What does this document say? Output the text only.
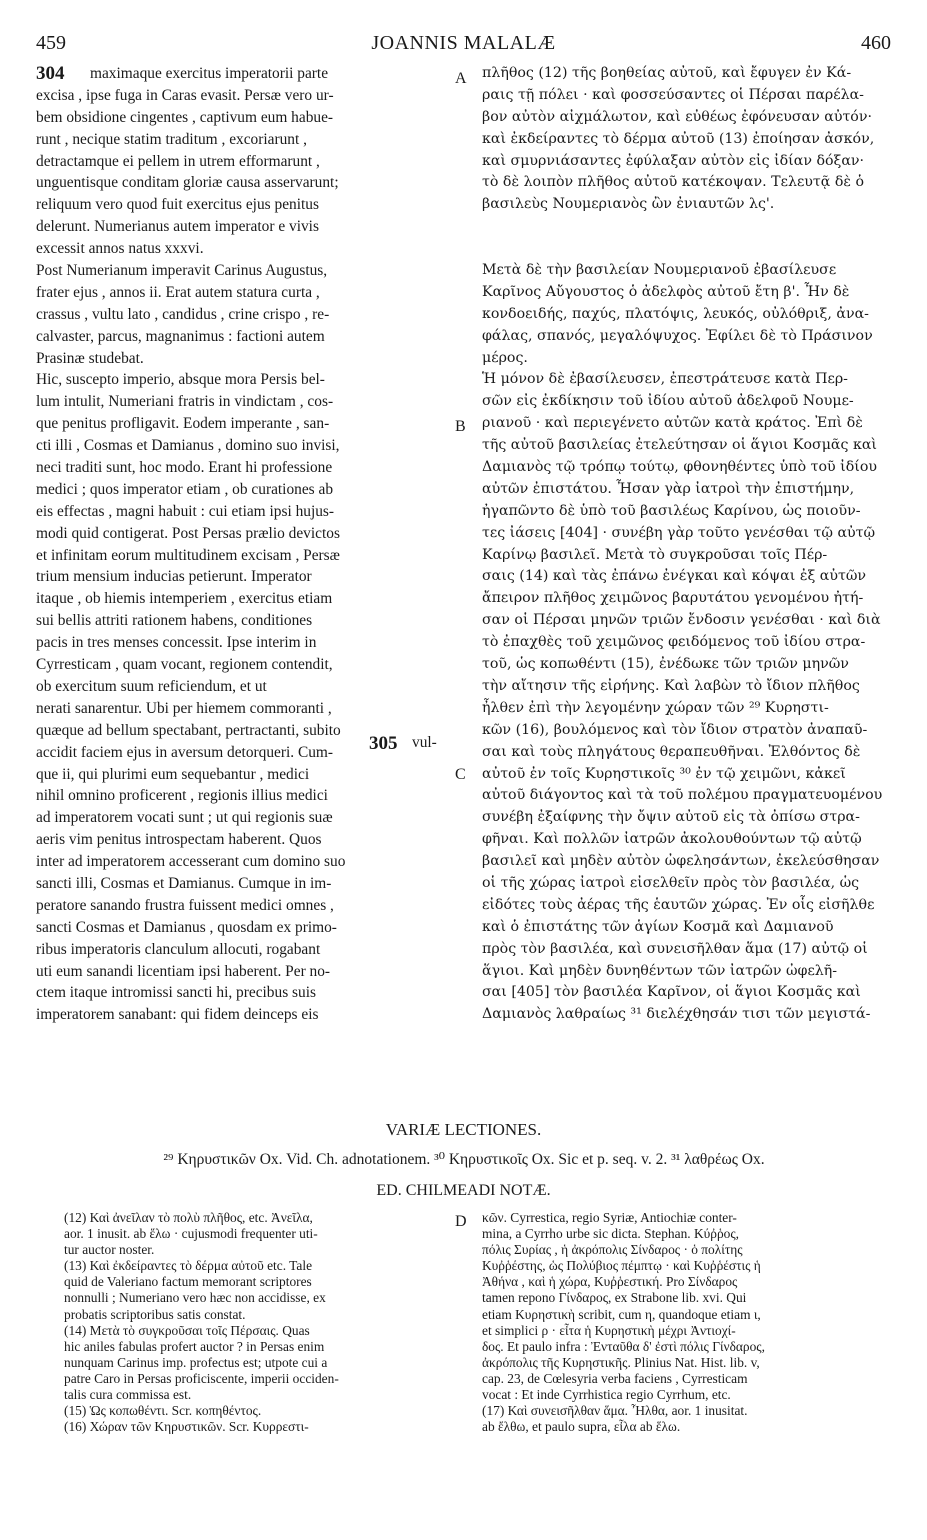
459	JOANNIS MALALÆ	460
maximaque exercitus imperatorii parte
excisa , ipse fuga in Caras evasit. Persæ vero ur-
bem obsidione cingentes , captivum eum habue-
runt , necique statim traditum , excoriarunt ,
detractamque ei pellem in utrem efformarunt ,
unguentisque conditam gloriæ causa asservarunt;
reliquum vero quod fuit exercitus ejus penitus
delerunt. Numerianus autem imperator e vivis
excessit annos natus xxxvi.
Post Numerianum imperavit Carinus Augustus,
frater ejus , annos ii. Erat autem statura curta ,
crassus , vultu lato , candidus , crine crispo , re-
calvaster, parcus, magnanimus : factioni autem
Prasinæ studebat.
Hic, suscepto imperio, absque mora Persis bel-
lum intulit, Numeriani fratris in vindictam , cos-
que penitus profligavit. Eodem imperante , san-
cti illi , Cosmas et Damianus , domino suo invisi,
neci traditi sunt, hoc modo. Erant hi professione
medici ; quos imperator etiam , ob curationes ab
eis effectas , magni habuit : cui etiam ipsi hujus-
modi quid contigerat. Post Persas prælio devictos
et infinitam eorum multitudinem excisam , Persæ
trium mensium inducias petierunt. Imperator
itaque , ob hiemis intemperiem , exercitus etiam
sui bellis attriti rationem habens, conditiones
pacis in tres menses concessit. Ipse interim in
Cyrresticam , quam vocant, regionem contendit,
ob exercitum suum reficiendum, et ut
nerati sanarentur. Ubi per hiemem commoranti ,
quæque ad bellum spectabant, pertractanti, subito
accidit faciem ejus in aversum detorqueri. Cum-
que ii, qui plurimi eum sequebantur , medici
nihil omnino proficerent , regionis illius medici
ad imperatorem vocati sunt ; ut qui regionis suæ
aeris vim penitus introspectam haberent. Quos
inter ad imperatorem accesserant cum domino suo
sancti illi, Cosmas et Damianus. Cumque in im-
peratore sanando frustra fuissent medici omnes ,
sancti Cosmas et Damianus , quosdam ex primo-
ribus imperatoris clanculum allocuti, rogabant
uti eum sanandi licentiam ipsi haberent. Per no-
ctem itaque intromissi sancti hi, precibus suis
imperatorem sanabant: qui fidem deinceps eis
πλῆθος (12) τῆς βοηθείας αὐτοῦ, καὶ ἔφυγεν ἐν Κά-
ραις τῇ πόλει · καὶ φοσσεύσαντες οἱ Πέρσαι παρέλα-
βον αὐτὸν αἰχμάλωτον, καὶ εὐθέως ἐφόνευσαν αὐτόν·
καὶ ἐκδείραντες τὸ δέρμα αὐτοῦ (13) ἐποίησαν ἀσκόν,
καὶ σμυρνιάσαντες ἐφύλαξαν αὐτὸν εἰς ἰδίαν δόξαν·
τὸ δὲ λοιπὸν πλῆθος αὐτοῦ κατέκοψαν. Τελευτᾷ δὲ ὁ
βασιλεὺς Νουμεριανὸς ὢν ἐνιαυτῶν λς'.
Μετὰ δὲ τὴν βασιλείαν Νουμεριανοῦ ἐβασίλευσε
Καρῖνος Αὔγουστος ὁ ἀδελφὸς αὐτοῦ ἔτη β'. Ἦν δὲ
κονδοειδής, παχύς, πλατόψις, λευκός, οὐλόθριξ, ἀνα-
φάλας, σπανός, μεγαλόψυχος. Ἐφίλει δὲ τὸ Πράσινον
μέρος.
Ἡ μόνον δὲ ἐβασίλευσεν, ἐπεστράτευσε κατὰ Περ-
σῶν εἰς ἐκδίκησιν τοῦ ἰδίου αὐτοῦ ἀδελφοῦ Νουμε-
ριανοῦ · καὶ περιεγένετο αὐτῶν κατὰ κράτος. Ἐπὶ δὲ
τῆς αὐτοῦ βασιλείας ἐτελεύτησαν οἱ ἅγιοι Κοσμᾶς καὶ
Δαμιανὸς τῷ τρόπῳ τούτῳ, φθονηθέντες ὑπὸ τοῦ ἰδίου
αὐτῶν ἐπιστάτου. Ἦσαν γὰρ ἰατροὶ τὴν ἐπιστήμην,
ἠγαπῶντο δὲ ὑπὸ τοῦ βασιλέως Καρίνου, ὡς ποιοῦν-
τες ἰάσεις [404] · συνέβη γὰρ τοῦτο γενέσθαι τῷ αὐτῷ
Καρίνῳ βασιλεῖ. Μετὰ τὸ συγκροῦσαι τοῖς Πέρ-
σαις (14) καὶ τὰς ἐπάνω ἐνέγκαι καὶ κόψαι ἐξ αὐτῶν
ἄπειρον πλῆθος χειμῶνος βαρυτάτου γενομένου ἠτή-
σαν οἱ Πέρσαι μηνῶν τριῶν ἔνδοσιν γενέσθαι · καὶ διὰ
τὸ ἐπαχθὲς τοῦ χειμῶνος φειδόμενος τοῦ ἰδίου στρα-
τοῦ, ὡς κοπωθέντι (15), ἐνέδωκε τῶν τριῶν μηνῶν
τὴν αἴτησιν τῆς εἰρήνης. Καὶ λαβὼν τὸ ἴδιον πλῆθος
ἦλθεν ἐπὶ τὴν λεγομένην χώραν τῶν ²⁹ Κυρηστι-
κῶν (16), βουλόμενος καὶ τὸν ἴδιον στρατὸν ἀναπαῦ-
σαι καὶ τοὺς πληγάτους θεραπευθῆναι. Ἐλθόντος δὲ
αὐτοῦ ἐν τοῖς Κυρηστικοῖς ³⁰ ἐν τῷ χειμῶνι, κἀκεῖ
αὐτοῦ διάγοντος καὶ τὰ τοῦ πολέμου πραγματευομένου
συνέβη ἐξαίφνης τὴν ὄψιν αὐτοῦ εἰς τὰ ὀπίσω στρα-
φῆναι. Καὶ πολλῶν ἰατρῶν ἀκολουθούντων τῷ αὐτῷ
βασιλεῖ καὶ μηδὲν αὐτὸν ὠφελησάντων, ἐκελεύσθησαν
οἱ τῆς χώρας ἰατροὶ εἰσελθεῖν πρὸς τὸν βασιλέα, ὡς
εἰδότες τοὺς ἀέρας τῆς ἑαυτῶν χώρας. Ἐν οἷς εἰσῆλθε
καὶ ὁ ἐπιστάτης τῶν ἁγίων Κοσμᾶ καὶ Δαμιανοῦ
πρὸς τὸν βασιλέα, καὶ συνεισῆλθαν ἅμα (17) αὐτῷ οἱ
ἅγιοι. Καὶ μηδὲν δυνηθέντων τῶν ἰατρῶν ὠφελῆ-
σαι [405] τὸν βασιλέα Καρῖνον, οἱ ἅγιοι Κοσμᾶς καὶ
Δαμιανὸς λαθραίως ³¹ διελέχθησάν τισι τῶν μεγιστά-
A
B
C
D
304
305 vul-
VARIÆ LECTIONES.
²⁹ Κηρυστικῶν Ox. Vid. Ch. adnotationem. ³⁰ Κηρυστικοῖς Ox. Sic et p. seq. v. 2. ³¹ λαθρέως Ox.
ED. CHILMEADI NOTÆ.
(12) Καὶ ἀνεῖλαν τὸ πολὺ πλῆθος, etc. Ἀνεῖλα,
aor. 1 inusit. ab ἕλω · cujusmodi frequenter uti-
tur auctor noster.
(13) Καὶ ἐκδείραντες τὸ δέρμα αὐτοῦ etc. Tale
quid de Valeriano factum memorant scriptores
nonnulli ; Numeriano vero hæc non accidisse, ex
probatis scriptoribus satis constat.
(14) Μετὰ τὸ συγκροῦσαι τοῖς Πέρσαις. Quas
hic aniles fabulas profert auctor ? in Persas enim
nunquam Carinus imp. profectus est; utpote cui a
patre Caro in Persas proficiscente, imperii occiden-
talis cura commissa est.
(15) Ὡς κοπωθέντι. Scr. κοπηθέντος.
(16) Χώραν τῶν Κηρυστικῶν. Scr. Κυρρεστι-
κῶν. Cyrrestica, regio Syriæ, Antiochiæ conter-
mina, a Cyrrho urbe sic dicta. Stephan. Κύῤῥος,
πόλις Συρίας , ἡ ἀκρόπολις Σίνδαρος · ὁ πολίτης
Κυῤῥέστης, ὡς Πολύβιος πέμπτῳ · καὶ Κυῤῥέστις ἡ
Ἀθήνα , καὶ ἡ χώρα, Κυῤῥεστική. Pro Σίνδαρος
tamen repono Γίνδαρος, ex Strabone lib. xvi. Qui
etiam Κυρηστικὴ scribit, cum η, quandoque etiam ι,
et simplici ρ · εἶτα ἡ Κυρηστικὴ μέχρι Ἀντιοχί-
δος. Et paulo infra : Ἐνταῦθα δ' ἐστὶ πόλις Γίνδαρος,
ἀκρόπολις τῆς Κυρηστικῆς. Plinius Nat. Hist. lib. v,
cap. 23, de Cœlesyria verba faciens , Cyrresticam
vocat : Et inde Cyrrhistica regio Cyrrhum, etc.
(17) Καὶ συνεισῆλθαν ἅμα. Ἦλθα, aor. 1 inusitat.
ab ἔλθω, et paulo supra, εἶλα ab ἕλω.
